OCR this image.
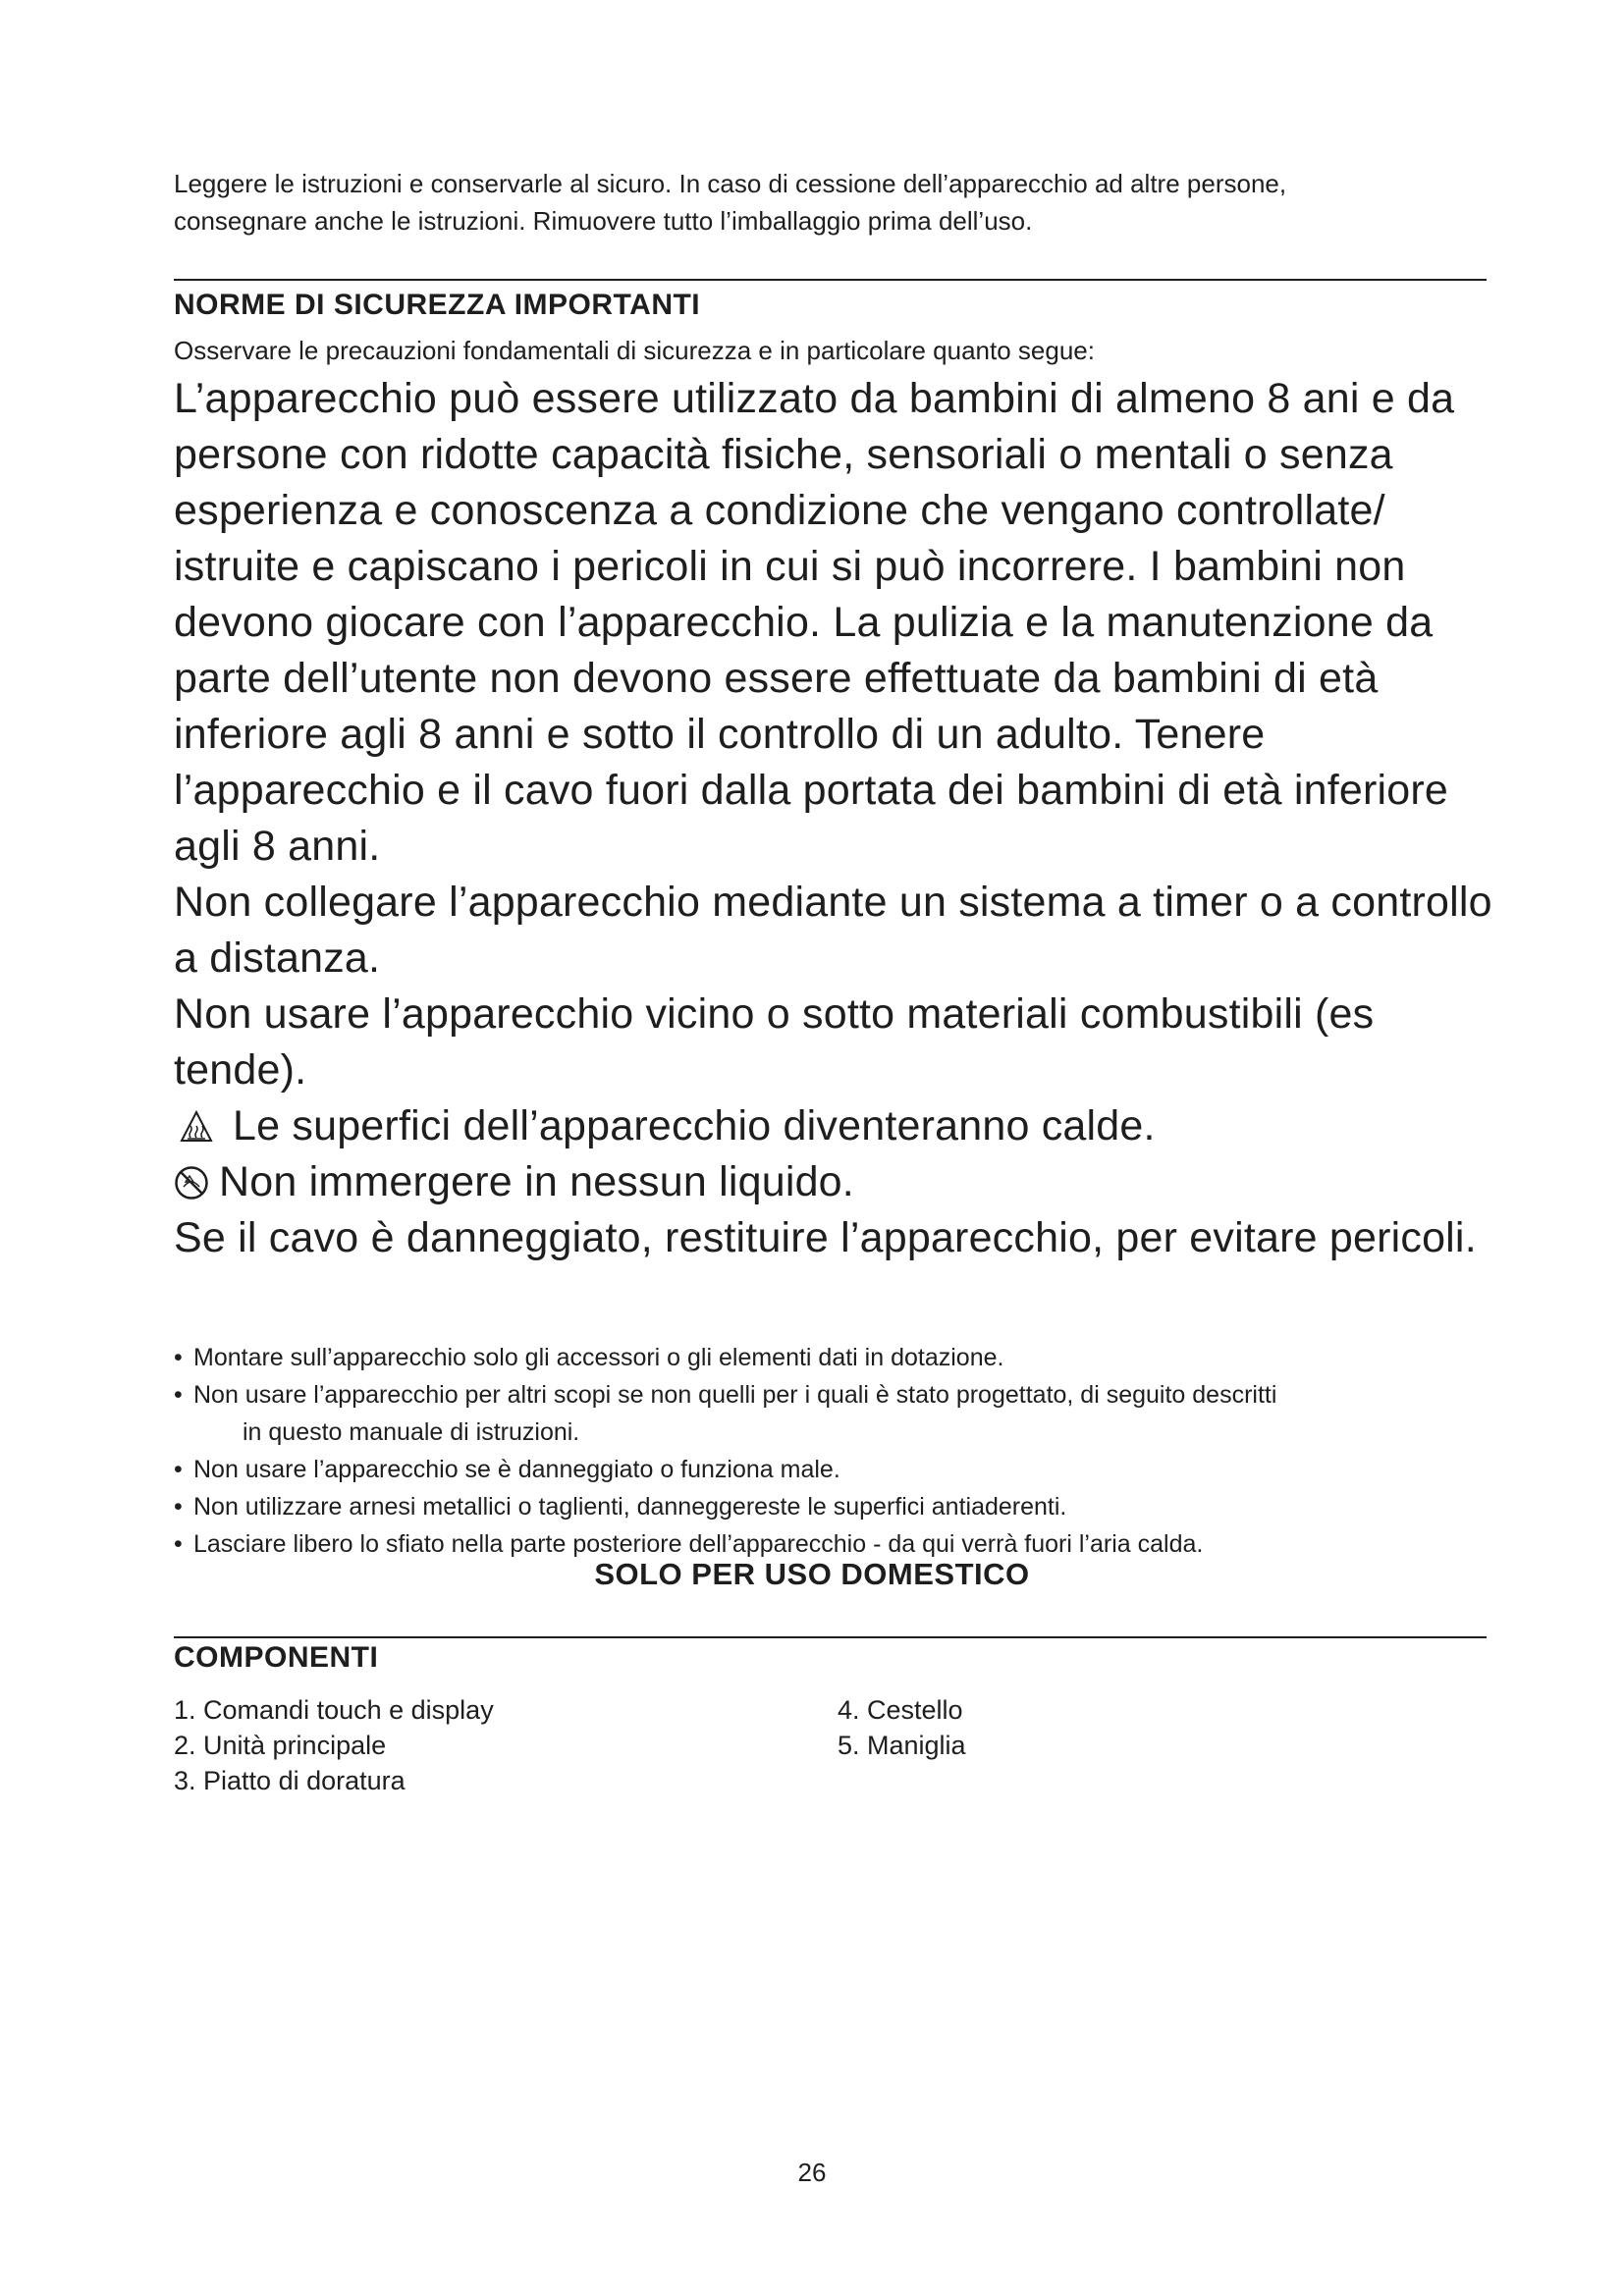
Leggere le istruzioni e conservarle al sicuro. In caso di cessione dell’apparecchio ad altre persone,
consegnare anche le istruzioni. Rimuovere tutto l’imballaggio prima dell’uso.
NORME DI SICUREZZA IMPORTANTI
Osservare le precauzioni fondamentali di sicurezza e in particolare quanto segue:

L’apparecchio può essere utilizzato da bambini di almeno 8 ani e da persone con ridotte capacità fisiche, sensoriali o mentali o senza esperienza e conoscenza a condizione che vengano controllate/ istruite e capiscano i pericoli in cui si può incorrere. I bambini non devono giocare con l’apparecchio. La pulizia e la manutenzione da parte dell’utente non devono essere effettuate da bambini di età inferiore agli 8 anni e sotto il controllo di un adulto. Tenere l’apparecchio e il cavo fuori dalla portata dei bambini di età inferiore agli 8 anni.

Non collegare l’apparecchio mediante un sistema a timer o a controllo a distanza.

Non usare l’apparecchio vicino o sotto materiali combustibili (es tende).

Le superfici dell’apparecchio diventeranno calde.

Non immergere in nessun liquido.

Se il cavo è danneggiato, restituire l’apparecchio, per evitare pericoli.

• Montare sull’apparecchio solo gli accessori o gli elementi dati in dotazione.
• Non usare l’apparecchio per altri scopi se non quelli per i quali è stato progettato, di seguito descritti
in questo manuale di istruzioni.
• Non usare l’apparecchio se è danneggiato o funziona male.
• Non utilizzare arnesi metallici o taglienti, danneggereste le superfici antiaderenti.
• Lasciare libero lo sfiato nella parte posteriore dell’apparecchio - da qui verrà fuori l’aria calda.
SOLO PER USO DOMESTICO
COMPONENTI
1. Comandi touch e display
2. Unità principale
3. Piatto di doratura
4. Cestello
5. Maniglia
26
